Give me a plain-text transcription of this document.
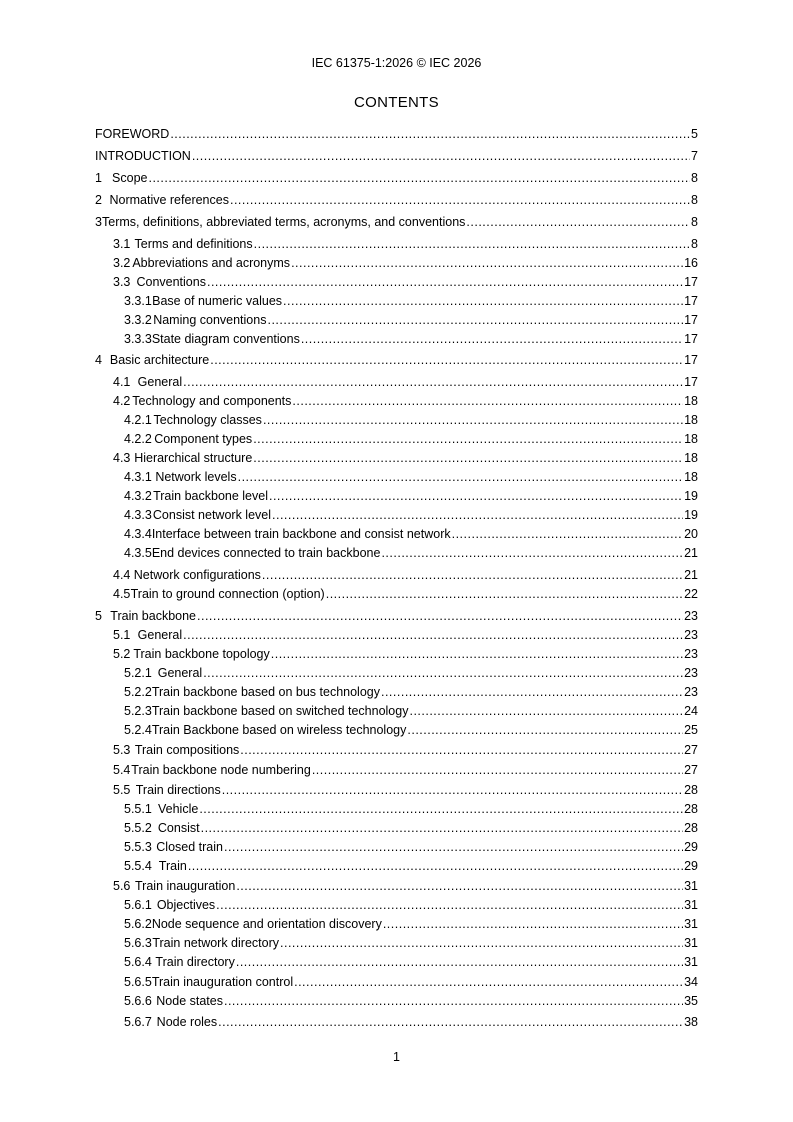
IEC 61375-1:2026 © IEC 2026
CONTENTS
FOREWORD .....	5
INTRODUCTION .....	7
1 Scope .....	8
2 Normative references .....	8
3 Terms, definitions, abbreviated terms, acronyms, and conventions .....	8
3.1 Terms and definitions .....	8
3.2 Abbreviations and acronyms .....	16
3.3 Conventions .....	17
3.3.1 Base of numeric values .....	17
3.3.2 Naming conventions .....	17
3.3.3 State diagram conventions .....	17
4 Basic architecture .....	17
4.1 General .....	17
4.2 Technology and components .....	18
4.2.1 Technology classes .....	18
4.2.2 Component types .....	18
4.3 Hierarchical structure .....	18
4.3.1 Network levels .....	18
4.3.2 Train backbone level .....	19
4.3.3 Consist network level .....	19
4.3.4 Interface between train backbone and consist network .....	20
4.3.5 End devices connected to train backbone .....	21
4.4 Network configurations .....	21
4.5 Train to ground connection (option) .....	22
5 Train backbone .....	23
5.1 General .....	23
5.2 Train backbone topology .....	23
5.2.1 General .....	23
5.2.2 Train backbone based on bus technology .....	23
5.2.3 Train backbone based on switched technology .....	24
5.2.4 Train Backbone based on wireless technology .....	25
5.3 Train compositions .....	27
5.4 Train backbone node numbering .....	27
5.5 Train directions .....	28
5.5.1 Vehicle .....	28
5.5.2 Consist .....	28
5.5.3 Closed train .....	29
5.5.4 Train .....	29
5.6 Train inauguration .....	31
5.6.1 Objectives .....	31
5.6.2 Node sequence and orientation discovery .....	31
5.6.3 Train network directory .....	31
5.6.4 Train directory .....	31
5.6.5 Train inauguration control .....	34
5.6.6 Node states .....	35
5.6.7 Node roles .....	38
1
